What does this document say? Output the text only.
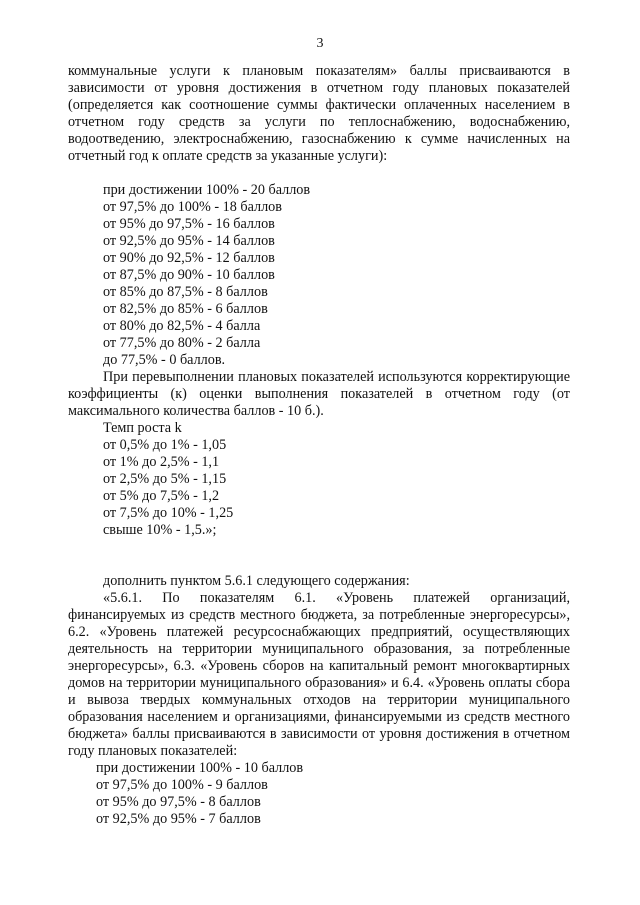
3

коммунальные услуги к плановым показателям» баллы присваиваются в зависимости от уровня достижения в отчетном году плановых показателей (определяется как соотношение суммы фактически оплаченных населением в отчетном году средств за услуги по теплоснабжению, водоснабжению, водоотведению, электроснабжению, газоснабжению к сумме начисленных на отчетный год к оплате средств за указанные услуги):

при достижении 100% - 20 баллов
от 97,5% до 100% - 18 баллов
от 95% до 97,5% - 16 баллов
от 92,5% до 95% - 14 баллов
от 90% до 92,5% - 12 баллов
от 87,5% до 90% - 10 баллов
от 85% до 87,5% - 8 баллов
от 82,5% до 85% - 6 баллов
от 80% до 82,5% - 4 балла
от 77,5% до 80% - 2 балла
до 77,5% - 0 баллов.

При перевыполнении плановых показателей используются корректирующие коэффициенты (к) оценки выполнения показателей в отчетном году (от максимального количества баллов - 10 б.).

Темп роста k
от 0,5% до 1% - 1,05
от 1% до 2,5% - 1,1
от 2,5% до 5% - 1,15
от 5% до 7,5% - 1,2
от 7,5% до 10% - 1,25
свыше 10% - 1,5.»;

дополнить пунктом 5.6.1 следующего содержания:

«5.6.1. По показателям 6.1. «Уровень платежей организаций, финансируемых из средств местного бюджета, за потребленные энергоресурсы», 6.2. «Уровень платежей ресурсоснабжающих предприятий, осуществляющих деятельность на территории муниципального образования, за потребленные энергоресурсы», 6.3. «Уровень сборов на капитальный ремонт многоквартирных домов на территории муниципального образования» и 6.4. «Уровень оплаты сбора и вывоза твердых коммунальных отходов на территории муниципального образования населением и организациями, финансируемыми из средств местного бюджета» баллы присваиваются в зависимости от уровня достижения в отчетном году плановых показателей:

при достижении 100% - 10 баллов
от 97,5% до 100% - 9 баллов
от 95% до 97,5% - 8 баллов
от 92,5% до 95% - 7 баллов
